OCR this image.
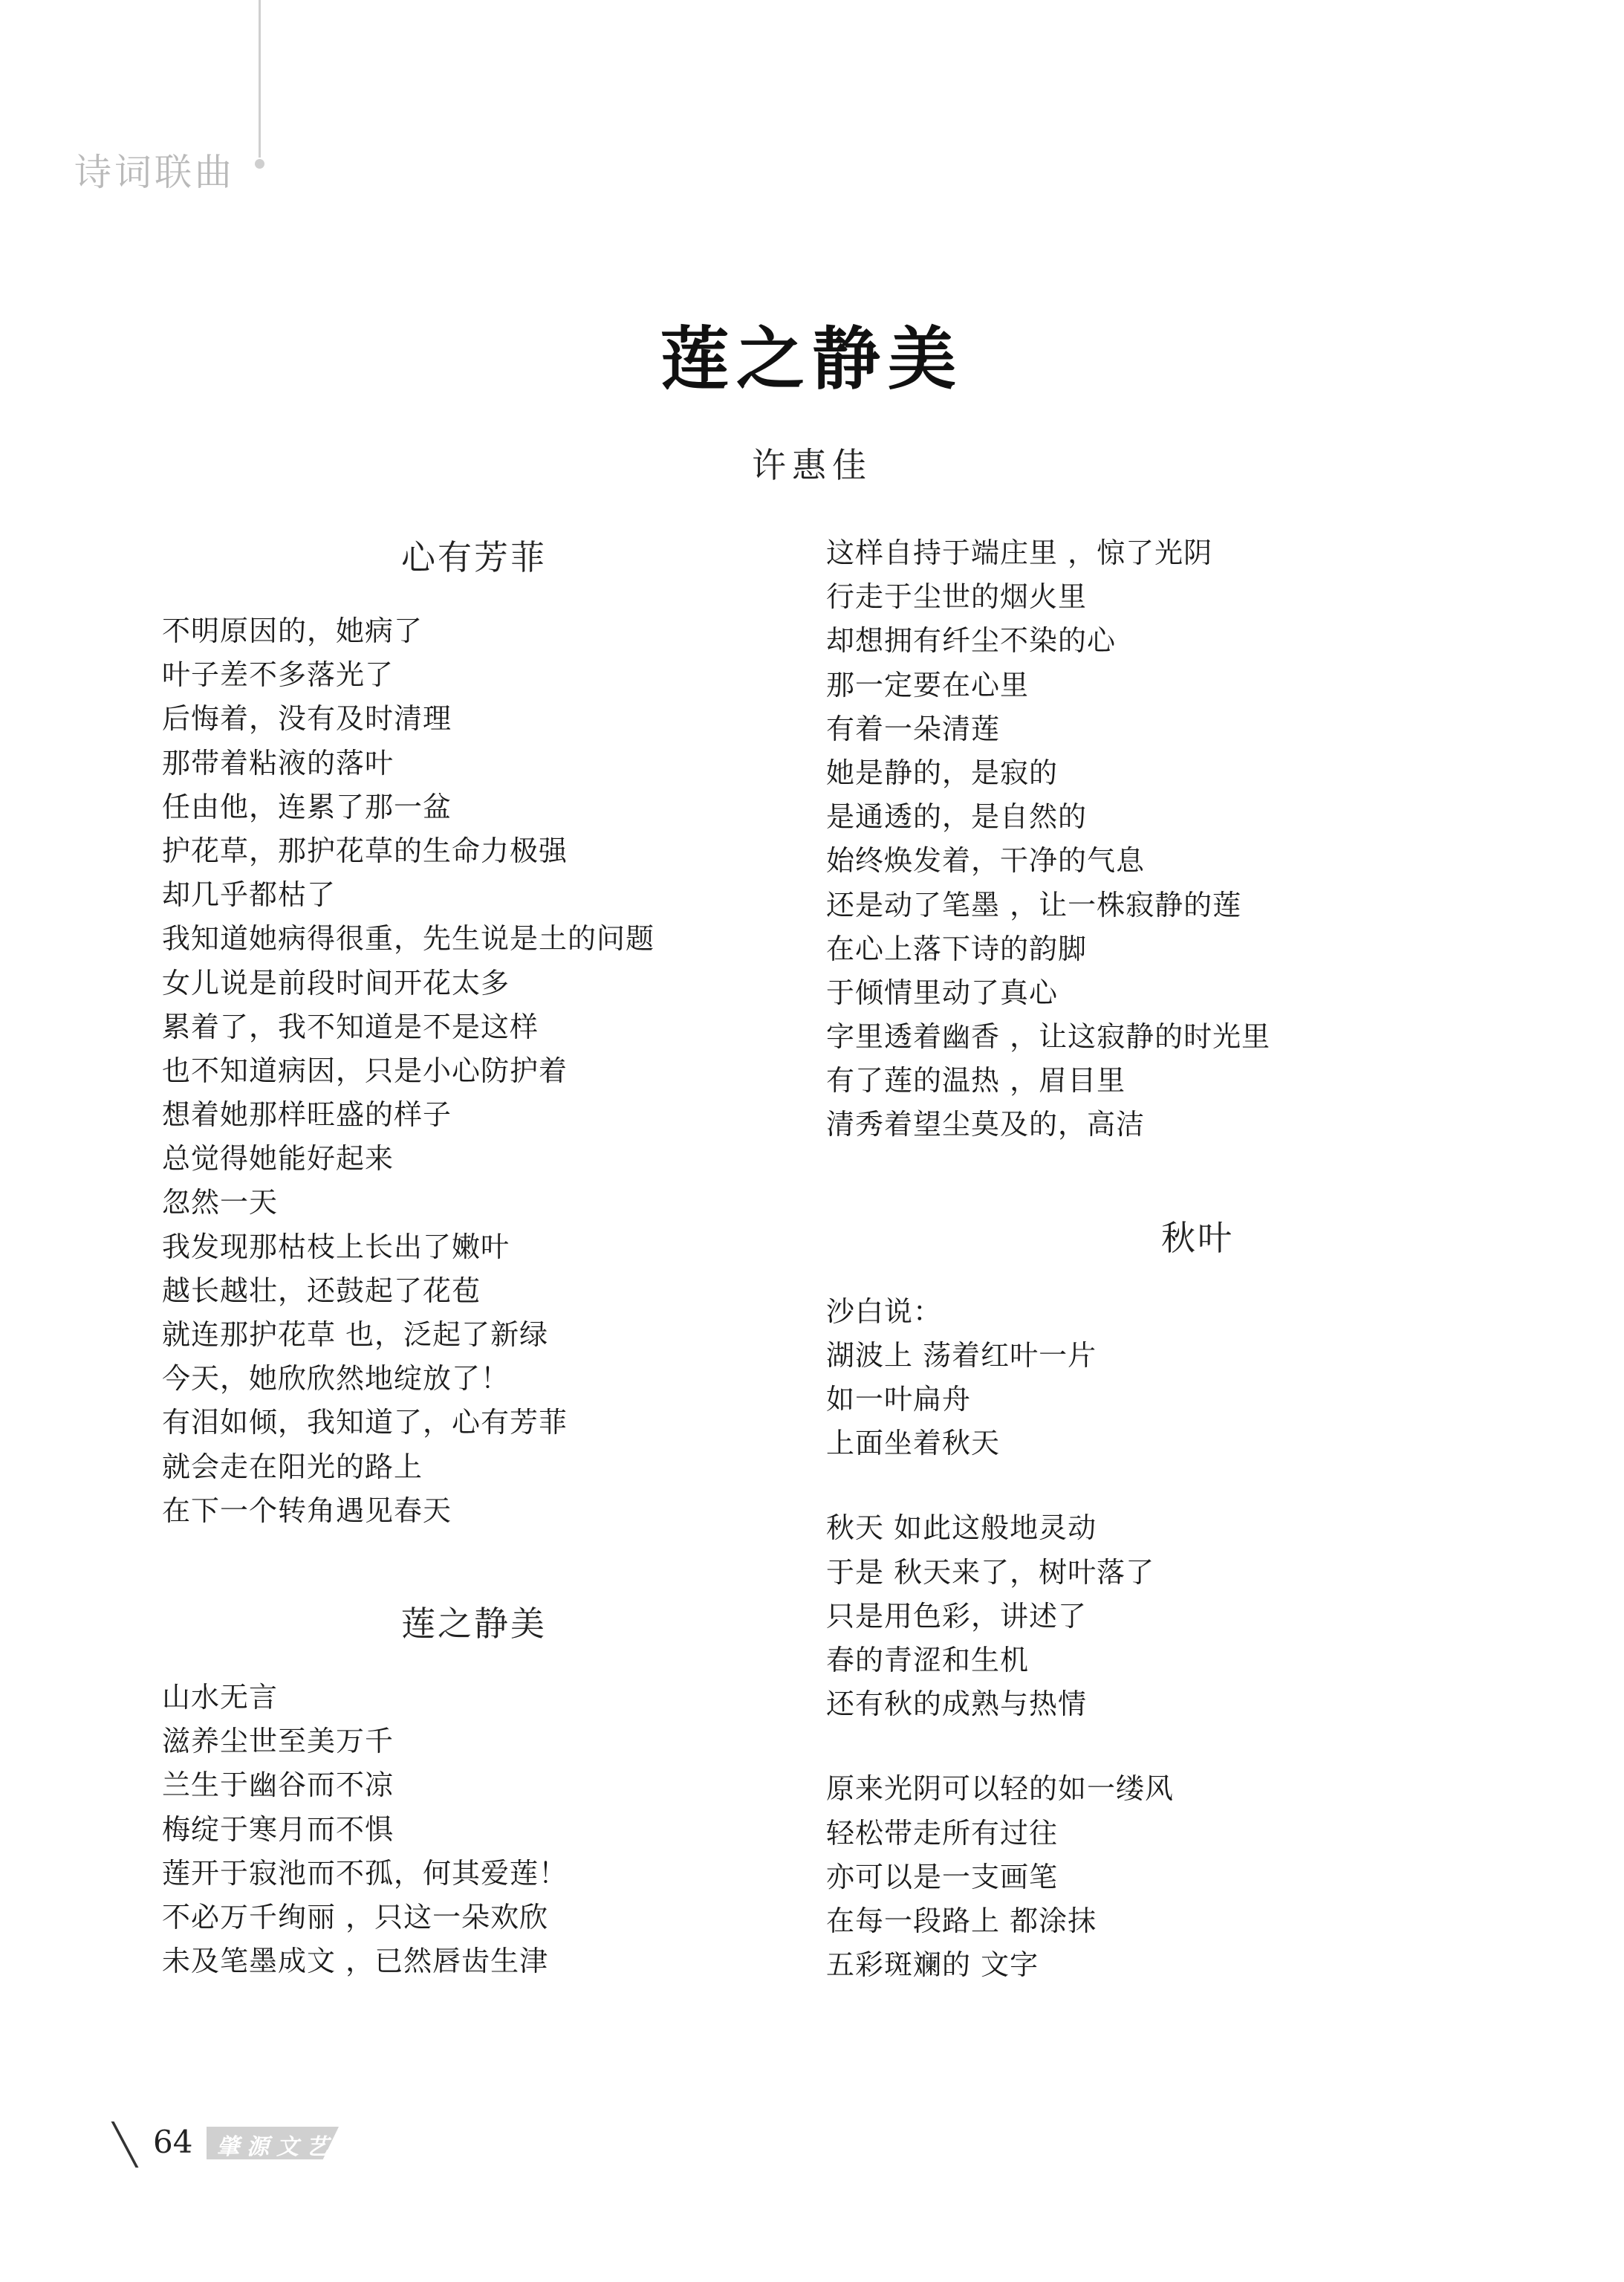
诗词联曲
莲之静美
许惠佳
心有芳菲
不明原因的，她病了
叶子差不多落光了
后悔着，没有及时清理
那带着粘液的落叶
任由他，连累了那一盆
护花草，那护花草的生命力极强
却几乎都枯了
我知道她病得很重，先生说是土的问题
女儿说是前段时间开花太多
累着了，我不知道是不是这样
也不知道病因，只是小心防护着
想着她那样旺盛的样子
总觉得她能好起来
忽然一天
我发现那枯枝上长出了嫩叶
越长越壮，还鼓起了花苞
就连那护花草 也，泛起了新绿
今天，她欣欣然地绽放了！
有泪如倾，我知道了，心有芳菲
就会走在阳光的路上
在下一个转角遇见春天
莲之静美
山水无言
滋养尘世至美万千
兰生于幽谷而不凉
梅绽于寒月而不惧
莲开于寂池而不孤，何其爱莲！
不必万千绚丽 ，只这一朵欢欣
未及笔墨成文 ，已然唇齿生津
这样自持于端庄里 ，惊了光阴
行走于尘世的烟火里
却想拥有纤尘不染的心
那一定要在心里
有着一朵清莲
她是静的，是寂的
是通透的，是自然的
始终焕发着，干净的气息
还是动了笔墨 ，让一株寂静的莲
在心上落下诗的韵脚
于倾情里动了真心
字里透着幽香 ，让这寂静的时光里
有了莲的温热 ，眉目里
清秀着望尘莫及的，高洁
秋叶
沙白说：
湖波上 荡着红叶一片
如一叶扁舟
上面坐着秋天
秋天 如此这般地灵动
于是 秋天来了，树叶落了
只是用色彩，讲述了
春的青涩和生机
还有秋的成熟与热情
原来光阴可以轻的如一缕风
轻松带走所有过往
亦可以是一支画笔
在每一段路上 都涂抹
五彩斑斓的 文字
64 肇源文艺
